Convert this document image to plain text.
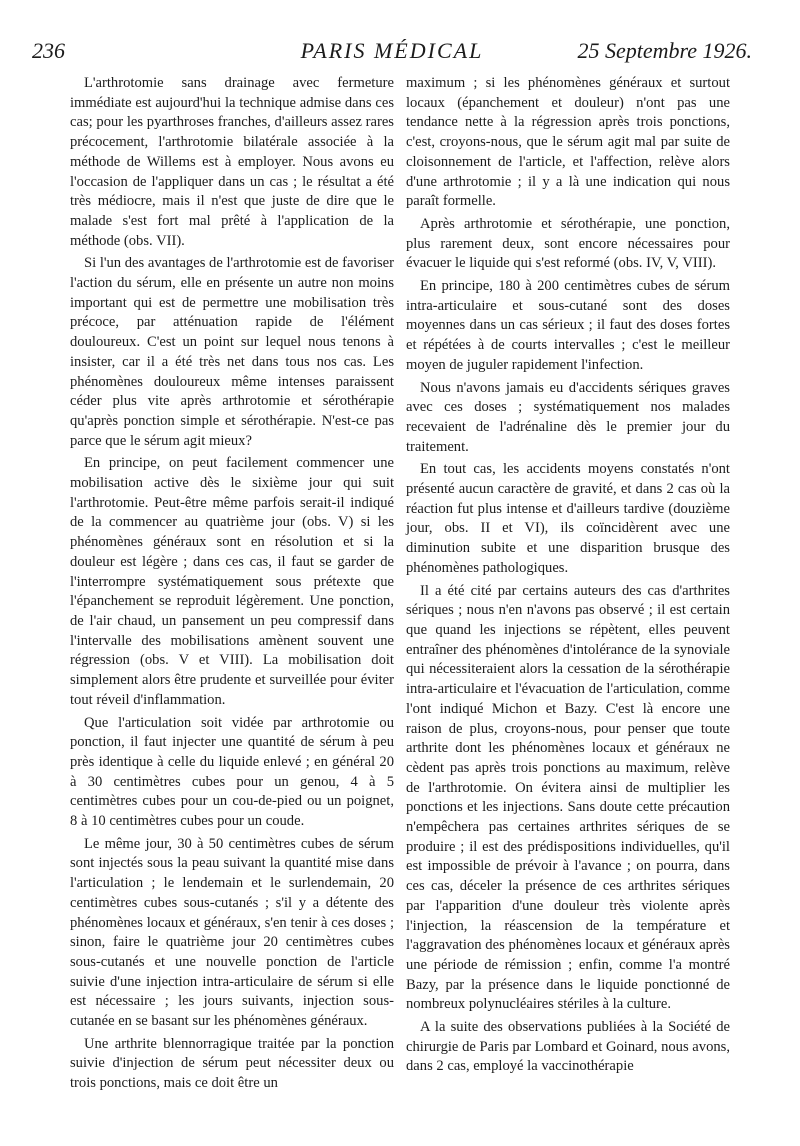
236	PARIS MÉDICAL	25 Septembre 1926.

L'arthrotomie sans drainage avec fermeture immédiate est aujourd'hui la technique admise dans ces cas; pour les pyarthroses franches, d'ailleurs assez rares précocement, l'arthrotomie bilatérale associée à la méthode de Willems est à employer. Nous avons eu l'occasion de l'appliquer dans un cas ; le résultat a été très médiocre, mais il n'est que juste de dire que le malade s'est fort mal prêté à l'application de la méthode (obs. VII).

Si l'un des avantages de l'arthrotomie est de favoriser l'action du sérum, elle en présente un autre non moins important qui est de permettre une mobilisation très précoce, par atténuation rapide de l'élément douloureux. C'est un point sur lequel nous tenons à insister, car il a été très net dans tous nos cas. Les phénomènes douloureux même intenses paraissent céder plus vite après arthrotomie et sérothérapie qu'après ponction simple et sérothérapie. N'est-ce pas parce que le sérum agit mieux?

En principe, on peut facilement commencer une mobilisation active dès le sixième jour qui suit l'arthrotomie. Peut-être même parfois serait-il indiqué de la commencer au quatrième jour (obs. V) si les phénomènes généraux sont en résolution et si la douleur est légère ; dans ces cas, il faut se garder de l'interrompre systématiquement sous prétexte que l'épanchement se reproduit légèrement. Une ponction, de l'air chaud, un pansement un peu compressif dans l'intervalle des mobilisations amènent souvent une régression (obs. V et VIII). La mobilisation doit simplement alors être prudente et surveillée pour éviter tout réveil d'inflammation.

Que l'articulation soit vidée par arthrotomie ou ponction, il faut injecter une quantité de sérum à peu près identique à celle du liquide enlevé ; en général 20 à 30 centimètres cubes pour un genou, 4 à 5 centimètres cubes pour un cou-de-pied ou un poignet, 8 à 10 centimètres cubes pour un coude.

Le même jour, 30 à 50 centimètres cubes de sérum sont injectés sous la peau suivant la quantité mise dans l'articulation ; le lendemain et le surlendemain, 20 centimètres cubes sous-cutanés ; s'il y a détente des phénomènes locaux et généraux, s'en tenir à ces doses ; sinon, faire le quatrième jour 20 centimètres cubes sous-cutanés et une nouvelle ponction de l'article suivie d'une injection intra-articulaire de sérum si elle est nécessaire ; les jours suivants, injection sous-cutanée en se basant sur les phénomènes généraux.

Une arthrite blennorragique traitée par la ponction suivie d'injection de sérum peut nécessiter deux ou trois ponctions, mais ce doit être un

maximum ; si les phénomènes généraux et surtout locaux (épanchement et douleur) n'ont pas une tendance nette à la régression après trois ponctions, c'est, croyons-nous, que le sérum agit mal par suite de cloisonnement de l'article, et l'affection, relève alors d'une arthrotomie ; il y a là une indication qui nous paraît formelle.

Après arthrotomie et sérothérapie, une ponction, plus rarement deux, sont encore nécessaires pour évacuer le liquide qui s'est reformé (obs. IV, V, VIII).

En principe, 180 à 200 centimètres cubes de sérum intra-articulaire et sous-cutané sont des doses moyennes dans un cas sérieux ; il faut des doses fortes et répétées à de courts intervalles ; c'est le meilleur moyen de juguler rapidement l'infection.

Nous n'avons jamais eu d'accidents sériques graves avec ces doses ; systématiquement nos malades recevaient de l'adrénaline dès le premier jour du traitement.

En tout cas, les accidents moyens constatés n'ont présenté aucun caractère de gravité, et dans 2 cas où la réaction fut plus intense et d'ailleurs tardive (douzième jour, obs. II et VI), ils coïncidèrent avec une diminution subite et une disparition brusque des phénomènes pathologiques.

Il a été cité par certains auteurs des cas d'arthrites sériques ; nous n'en n'avons pas observé ; il est certain que quand les injections se répètent, elles peuvent entraîner des phénomènes d'intolérance de la synoviale qui nécessiteraient alors la cessation de la sérothérapie intra-articulaire et l'évacuation de l'articulation, comme l'ont indiqué Michon et Bazy. C'est là encore une raison de plus, croyons-nous, pour penser que toute arthrite dont les phénomènes locaux et généraux ne cèdent pas après trois ponctions au maximum, relève de l'arthrotomie. On évitera ainsi de multiplier les ponctions et les injections. Sans doute cette précaution n'empêchera pas certaines arthrites sériques de se produire ; il est des prédispositions individuelles, qu'il est impossible de prévoir à l'avance ; on pourra, dans ces cas, déceler la présence de ces arthrites sériques par l'apparition d'une douleur très violente après l'injection, la réascension de la température et l'aggravation des phénomènes locaux et généraux après une période de rémission ; enfin, comme l'a montré Bazy, par la présence dans le liquide ponctionné de nombreux polynucléaires stériles à la culture.

A la suite des observations publiées à la Société de chirurgie de Paris par Lombard et Goinard, nous avons, dans 2 cas, employé la vaccinothérapie
